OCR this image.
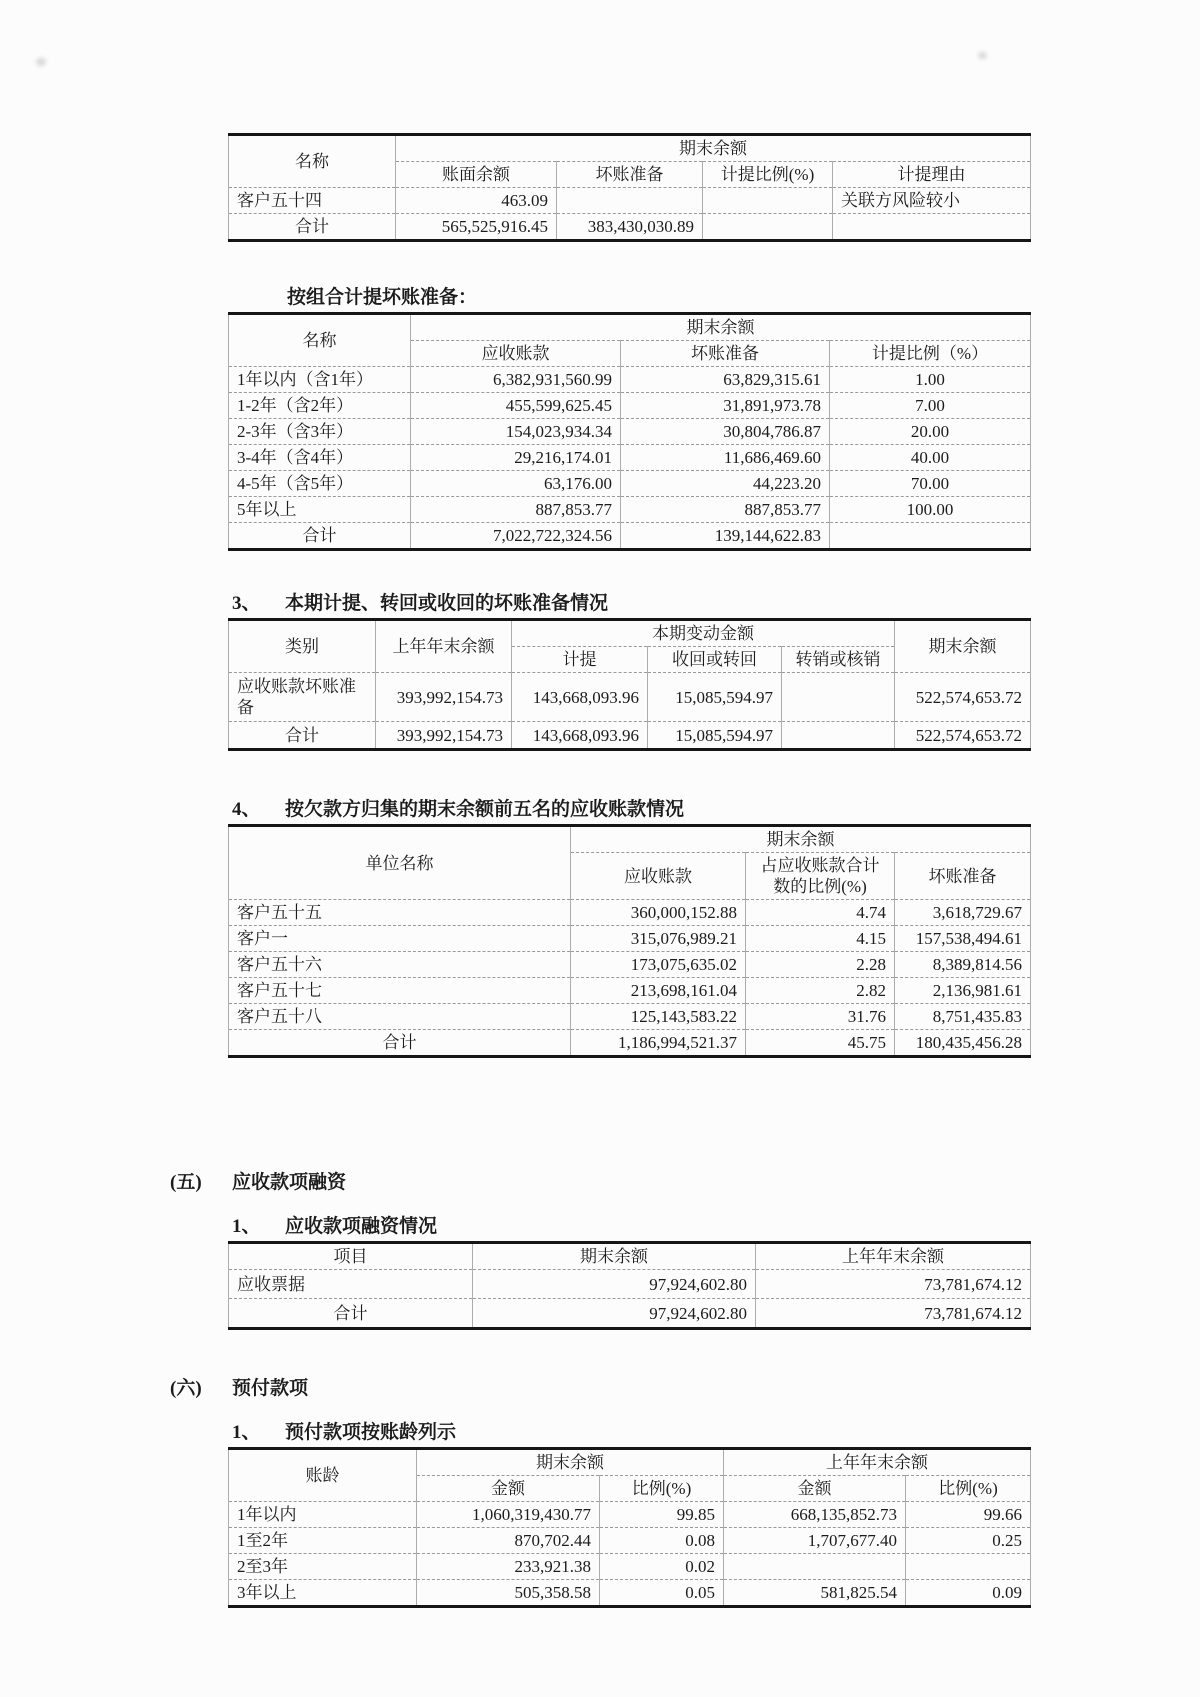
名称	期末余额			
	账面余额	坏账准备	计提比例(%)	计提理由
客户五十四	463.09			关联方风险较小
合计	565,525,916.45	383,430,030.89		

按组合计提坏账准备：

名称	期末余额		
	应收账款	坏账准备	计提比例（%）
1年以内（含1年）	6,382,931,560.99	63,829,315.61	1.00
1-2年（含2年）	455,599,625.45	31,891,973.78	7.00
2-3年（含3年）	154,023,934.34	30,804,786.87	20.00
3-4年（含4年）	29,216,174.01	11,686,469.60	40.00
4-5年（含5年）	63,176.00	44,223.20	70.00
5年以上	887,853.77	887,853.77	100.00
合计	7,022,722,324.56	139,144,622.83	

3、 本期计提、转回或收回的坏账准备情况

类别	上年年末余额	本期变动金额			期末余额
		计提	收回或转回	转销或核销	
应收账款坏账准备	393,992,154.73	143,668,093.96	15,085,594.97		522,574,653.72
合计	393,992,154.73	143,668,093.96	15,085,594.97		522,574,653.72

4、 按欠款方归集的期末余额前五名的应收账款情况

单位名称	期末余额		
	应收账款	占应收账款合计数的比例(%)	坏账准备
客户五十五	360,000,152.88	4.74	3,618,729.67
客户一	315,076,989.21	4.15	157,538,494.61
客户五十六	173,075,635.02	2.28	8,389,814.56
客户五十七	213,698,161.04	2.82	2,136,981.61
客户五十八	125,143,583.22	31.76	8,751,435.83
合计	1,186,994,521.37	45.75	180,435,456.28

(五) 应收款项融资

1、 应收款项融资情况

项目	期末余额	上年年末余额
应收票据	97,924,602.80	73,781,674.12
合计	97,924,602.80	73,781,674.12

(六) 预付款项

1、 预付款项按账龄列示

账龄	期末余额		上年年末余额	
	金额	比例(%)	金额	比例(%)
1年以内	1,060,319,430.77	99.85	668,135,852.73	99.66
1至2年	870,702.44	0.08	1,707,677.40	0.25
2至3年	233,921.38	0.02		
3年以上	505,358.58	0.05	581,825.54	0.09
